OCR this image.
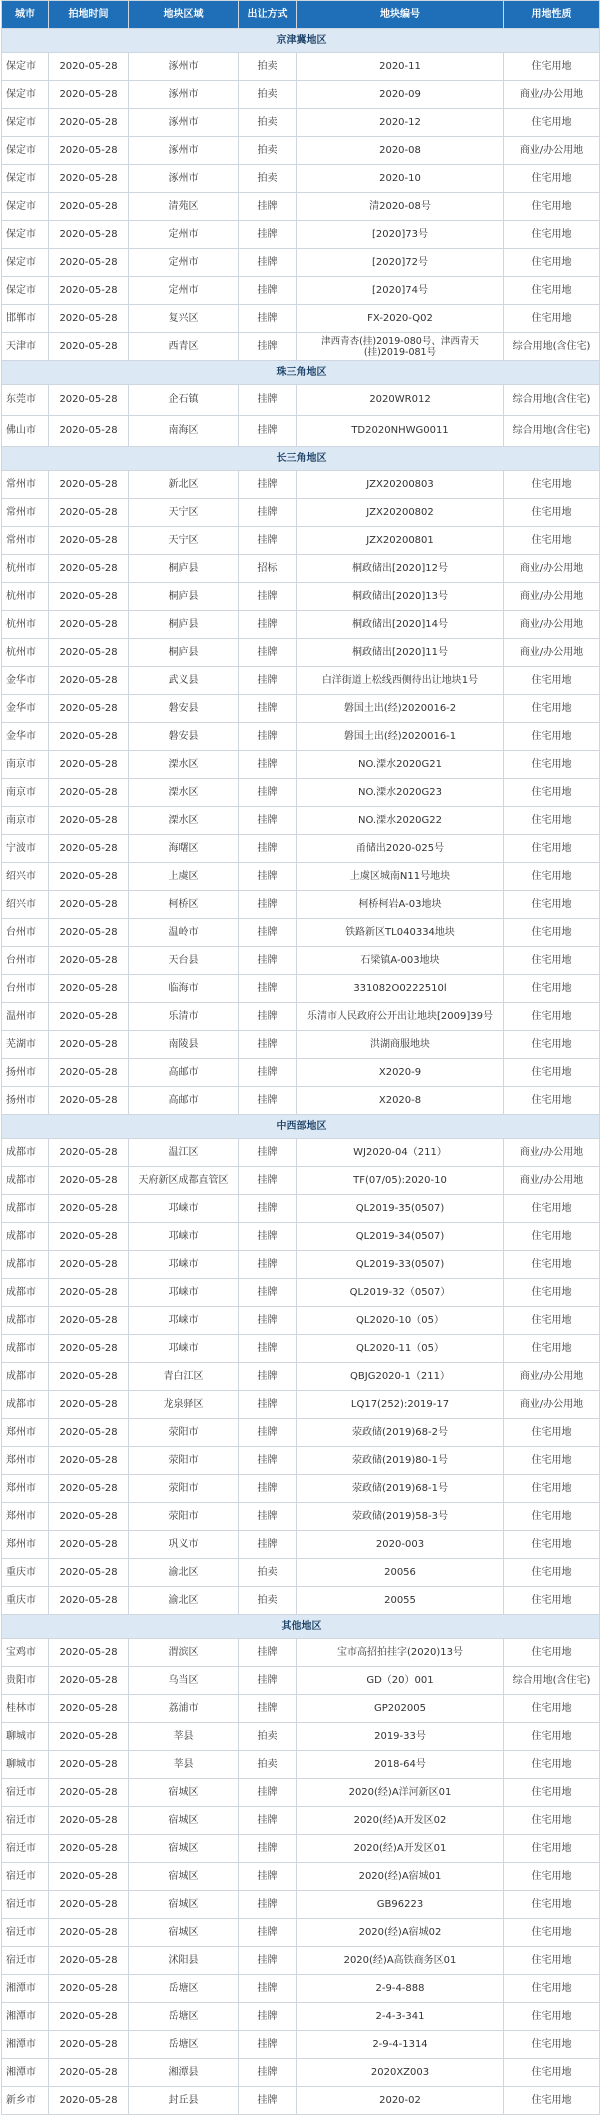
城市	拍地时间	地块区域	出让方式	地块编号	用地性质
京津冀地区					
保定市	2020-05-28	涿州市	拍卖	2020-11	住宅用地
保定市	2020-05-28	涿州市	拍卖	2020-09	商业/办公用地
保定市	2020-05-28	涿州市	拍卖	2020-12	住宅用地
保定市	2020-05-28	涿州市	拍卖	2020-08	商业/办公用地
保定市	2020-05-28	涿州市	拍卖	2020-10	住宅用地
保定市	2020-05-28	清苑区	挂牌	清2020-08号	住宅用地
保定市	2020-05-28	定州市	挂牌	[2020]73号	住宅用地
保定市	2020-05-28	定州市	挂牌	[2020]72号	住宅用地
保定市	2020-05-28	定州市	挂牌	[2020]74号	住宅用地
邯郸市	2020-05-28	复兴区	挂牌	FX-2020-Q02	住宅用地
天津市	2020-05-28	西青区	挂牌	津西青杏(挂)2019-080号、津西青天(挂)2019-081号	综合用地(含住宅)
珠三角地区					
东莞市	2020-05-28	企石镇	挂牌	2020WR012	综合用地(含住宅)
佛山市	2020-05-28	南海区	挂牌	TD2020NHWG0011	综合用地(含住宅)
长三角地区					
常州市	2020-05-28	新北区	挂牌	JZX20200803	住宅用地
常州市	2020-05-28	天宁区	挂牌	JZX20200802	住宅用地
常州市	2020-05-28	天宁区	挂牌	JZX20200801	住宅用地
杭州市	2020-05-28	桐庐县	招标	桐政储出[2020]12号	商业/办公用地
杭州市	2020-05-28	桐庐县	挂牌	桐政储出[2020]13号	商业/办公用地
杭州市	2020-05-28	桐庐县	挂牌	桐政储出[2020]14号	商业/办公用地
杭州市	2020-05-28	桐庐县	挂牌	桐政储出[2020]11号	商业/办公用地
金华市	2020-05-28	武义县	挂牌	白洋街道上松线西侧待出让地块1号	住宅用地
金华市	2020-05-28	磐安县	挂牌	磐国土出(经)2020016-2	住宅用地
金华市	2020-05-28	磐安县	挂牌	磐国土出(经)2020016-1	住宅用地
南京市	2020-05-28	溧水区	挂牌	NO.溧水2020G21	住宅用地
南京市	2020-05-28	溧水区	挂牌	NO.溧水2020G23	住宅用地
南京市	2020-05-28	溧水区	挂牌	NO.溧水2020G22	住宅用地
宁波市	2020-05-28	海曙区	挂牌	甬储出2020-025号	住宅用地
绍兴市	2020-05-28	上虞区	挂牌	上虞区城南N11号地块	住宅用地
绍兴市	2020-05-28	柯桥区	挂牌	柯桥柯岩A-03地块	住宅用地
台州市	2020-05-28	温岭市	挂牌	铁路新区TL040334地块	住宅用地
台州市	2020-05-28	天台县	挂牌	石梁镇A-003地块	住宅用地
台州市	2020-05-28	临海市	挂牌	331082O0222510l	住宅用地
温州市	2020-05-28	乐清市	挂牌	乐清市人民政府公开出让地块[2009]39号	住宅用地
芜湖市	2020-05-28	南陵县	挂牌	洪湖商服地块	住宅用地
扬州市	2020-05-28	高邮市	挂牌	X2020-9	住宅用地
扬州市	2020-05-28	高邮市	挂牌	X2020-8	住宅用地
中西部地区					
成都市	2020-05-28	温江区	挂牌	WJ2020-04（211）	商业/办公用地
成都市	2020-05-28	天府新区成都直管区	挂牌	TF(07/05):2020-10	商业/办公用地
成都市	2020-05-28	邛崃市	挂牌	QL2019-35(0507)	住宅用地
成都市	2020-05-28	邛崃市	挂牌	QL2019-34(0507)	住宅用地
成都市	2020-05-28	邛崃市	挂牌	QL2019-33(0507)	住宅用地
成都市	2020-05-28	邛崃市	挂牌	QL2019-32（0507）	住宅用地
成都市	2020-05-28	邛崃市	挂牌	QL2020-10（05）	住宅用地
成都市	2020-05-28	邛崃市	挂牌	QL2020-11（05）	住宅用地
成都市	2020-05-28	青白江区	挂牌	QBJG2020-1（211）	商业/办公用地
成都市	2020-05-28	龙泉驿区	挂牌	LQ17(252):2019-17	商业/办公用地
郑州市	2020-05-28	荥阳市	挂牌	荥政储(2019)68-2号	住宅用地
郑州市	2020-05-28	荥阳市	挂牌	荥政储(2019)80-1号	住宅用地
郑州市	2020-05-28	荥阳市	挂牌	荥政储(2019)68-1号	住宅用地
郑州市	2020-05-28	荥阳市	挂牌	荥政储(2019)58-3号	住宅用地
郑州市	2020-05-28	巩义市	挂牌	2020-003	住宅用地
重庆市	2020-05-28	渝北区	拍卖	20056	住宅用地
重庆市	2020-05-28	渝北区	拍卖	20055	住宅用地
其他地区					
宝鸡市	2020-05-28	渭滨区	挂牌	宝市高招拍挂字(2020)13号	住宅用地
贵阳市	2020-05-28	乌当区	挂牌	GD（20）001	综合用地(含住宅)
桂林市	2020-05-28	荔浦市	挂牌	GP202005	住宅用地
聊城市	2020-05-28	莘县	拍卖	2019-33号	住宅用地
聊城市	2020-05-28	莘县	拍卖	2018-64号	住宅用地
宿迁市	2020-05-28	宿城区	挂牌	2020(经)A洋河新区01	住宅用地
宿迁市	2020-05-28	宿城区	挂牌	2020(经)A开发区02	住宅用地
宿迁市	2020-05-28	宿城区	挂牌	2020(经)A开发区01	住宅用地
宿迁市	2020-05-28	宿城区	挂牌	2020(经)A宿城01	住宅用地
宿迁市	2020-05-28	宿城区	挂牌	GB96223	住宅用地
宿迁市	2020-05-28	宿城区	挂牌	2020(经)A宿城02	住宅用地
宿迁市	2020-05-28	沭阳县	挂牌	2020(经)A高铁商务区01	住宅用地
湘潭市	2020-05-28	岳塘区	挂牌	2-9-4-888	住宅用地
湘潭市	2020-05-28	岳塘区	挂牌	2-4-3-341	住宅用地
湘潭市	2020-05-28	岳塘区	挂牌	2-9-4-1314	住宅用地
湘潭市	2020-05-28	湘潭县	挂牌	2020XZ003	住宅用地
新乡市	2020-05-28	封丘县	挂牌	2020-02	住宅用地
